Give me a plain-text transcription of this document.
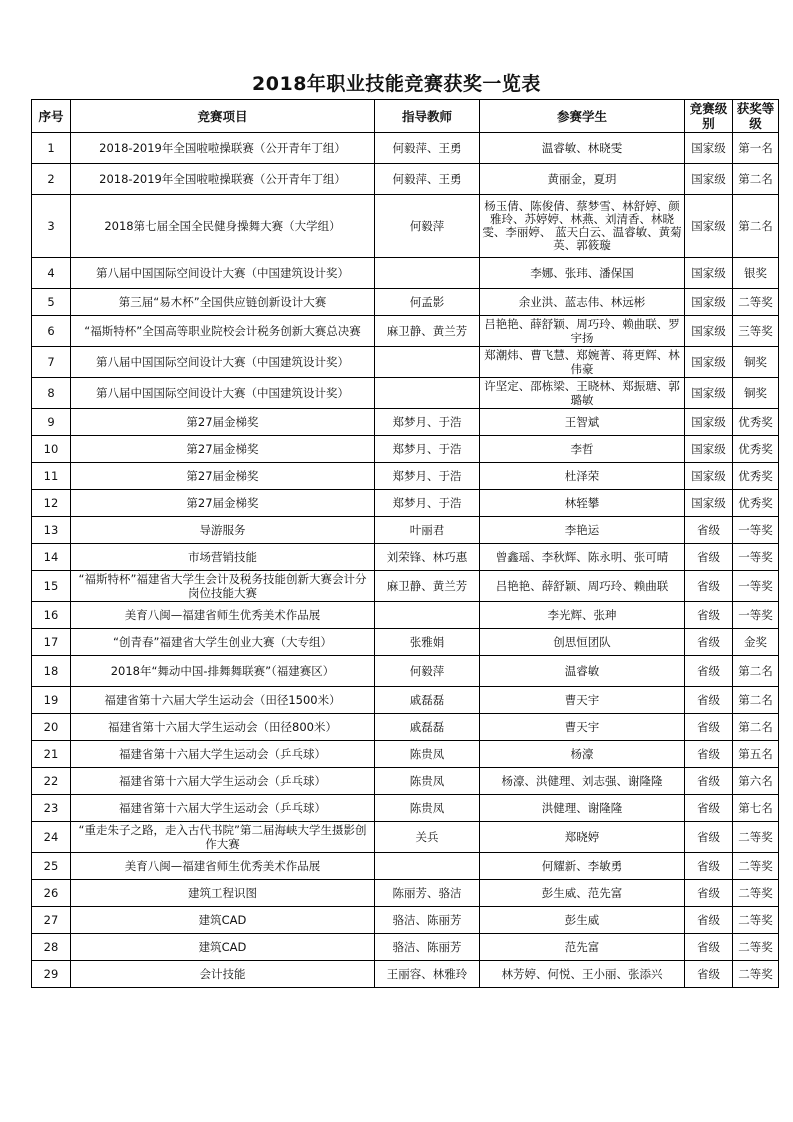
2018年职业技能竞赛获奖一览表
序号	竞赛项目	指导教师	参赛学生	竞赛级别	获奖等级
1	2018-2019年全国啦啦操联赛（公开青年丁组）	何毅萍、王勇	温睿敏、林晓雯	国家级	第一名
2	2018-2019年全国啦啦操联赛（公开青年丁组）	何毅萍、王勇	黄丽金，夏玥	国家级	第二名
3	2018第七届全国全民健身操舞大赛（大学组）	何毅萍	杨玉倩、陈俊倩、蔡梦雪、林舒婷、颜雅玲、苏婷婷、林燕、刘清香、林晓雯、李丽婷、 蓝天白云、温睿敏、黄菊英、郭筱璇	国家级	第二名
4	第八届中国国际空间设计大赛（中国建筑设计奖）		李娜、张玮、潘保国	国家级	银奖
5	第三届“易木杯”全国供应链创新设计大赛	何孟影	余业洪、蓝志伟、林远彬	国家级	二等奖
6	“福斯特杯”全国高等职业院校会计税务创新大赛总决赛	麻卫静、黄兰芳	吕艳艳、薛舒颖、周巧玲、赖曲联、罗宇扬	国家级	三等奖
7	第八届中国国际空间设计大赛（中国建筑设计奖）		郑潮炜、曹飞慧、郑婉菁、蒋更辉、林伟豪	国家级	铜奖
8	第八届中国国际空间设计大赛（中国建筑设计奖）		许坚定、邵栋梁、王晓林、郑振瑭、郭璐敏	国家级	铜奖
9	第27届金梯奖	郑梦月、于浩	王智斌	国家级	优秀奖
10	第27届金梯奖	郑梦月、于浩	李哲	国家级	优秀奖
11	第27届金梯奖	郑梦月、于浩	杜泽荣	国家级	优秀奖
12	第27届金梯奖	郑梦月、于浩	林轾攀	国家级	优秀奖
13	导游服务	叶丽君	李艳运	省级	一等奖
14	市场营销技能	刘荣锋、林巧惠	曾鑫瑶、李秋辉、陈永明、张可晴	省级	一等奖
15	“福斯特杯”福建省大学生会计及税务技能创新大赛会计分岗位技能大赛	麻卫静、黄兰芳	吕艳艳、薛舒颖、周巧玲、赖曲联	省级	一等奖
16	美育八闽—福建省师生优秀美术作品展		李光辉、张珅	省级	一等奖
17	“创青春”福建省大学生创业大赛（大专组）	张雅娟	创思恒团队	省级	金奖
18	2018年“舞动中国-排舞舞联赛”（福建赛区）	何毅萍	温睿敏	省级	第二名
19	福建省第十六届大学生运动会（田径1500米）	戚磊磊	曹天宇	省级	第二名
20	福建省第十六届大学生运动会（田径800米）	戚磊磊	曹天宇	省级	第二名
21	福建省第十六届大学生运动会（乒乓球）	陈贵凤	杨濠	省级	第五名
22	福建省第十六届大学生运动会（乒乓球）	陈贵凤	杨濠、洪健理、刘志强、谢隆隆	省级	第六名
23	福建省第十六届大学生运动会（乒乓球）	陈贵凤	洪健理、谢隆隆	省级	第七名
24	“重走朱子之路，走入古代书院”第二届海峡大学生摄影创作大赛	关兵	郑晓婷	省级	二等奖
25	美育八闽—福建省师生优秀美术作品展		何耀新、李敏勇	省级	二等奖
26	建筑工程识图	陈丽芳、骆洁	彭生威、范先富	省级	二等奖
27	建筑CAD	骆洁、陈丽芳	彭生威	省级	二等奖
28	建筑CAD	骆洁、陈丽芳	范先富	省级	二等奖
29	会计技能	王丽容、林雅玲	林芳婷、何悦、王小丽、张添兴	省级	二等奖
